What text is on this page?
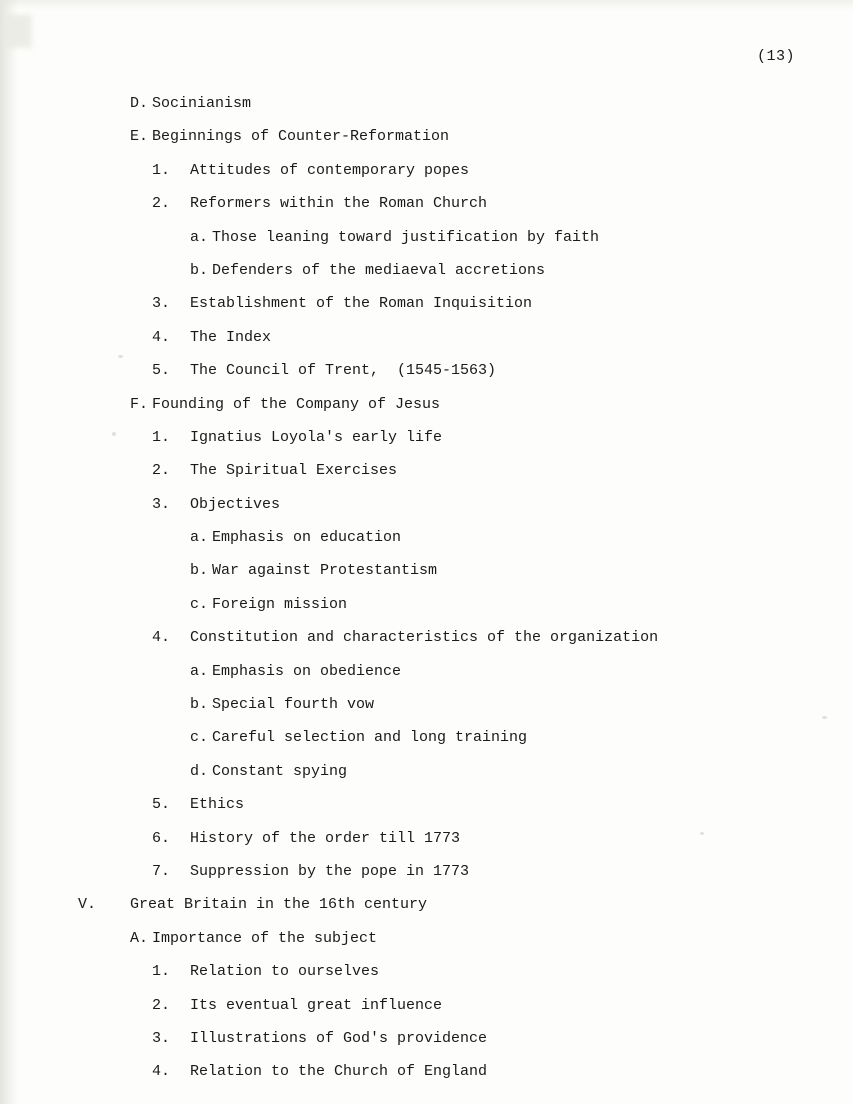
(13)
D. Socinianism
E. Beginnings of Counter-Reformation
1.	Attitudes of contemporary popes
2.	Reformers within the Roman Church
a. Those leaning toward justification by faith
b. Defenders of the mediaeval accretions
3.	Establishment of the Roman Inquisition
4.	The Index
5.	The Council of Trent,  (1545-1563)
F. Founding of the Company of Jesus
1.	Ignatius Loyola's early life
2.	The Spiritual Exercises
3.	Objectives
a. Emphasis on education
b. War against Protestantism
c. Foreign mission
4.	Constitution and characteristics of the organization
a. Emphasis on obedience
b. Special fourth vow
c. Careful selection and long training
d. Constant spying
5.	Ethics
6.	History of the order till 1773
7.	Suppression by the pope in 1773
V.	Great Britain in the 16th century
A. Importance of the subject
1.	Relation to ourselves
2.	Its eventual great influence
3.	Illustrations of God's providence
4.	Relation to the Church of England
